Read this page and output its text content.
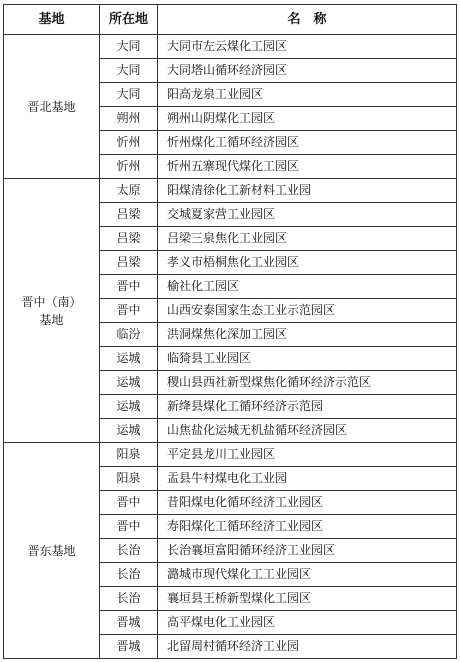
基地	所在地	名　称
晋北基地	大同	大同市左云煤化工园区
	大同	大同塔山循环经济园区
	大同	阳高龙泉工业园区
	朔州	朔州山阴煤化工园区
	忻州	忻州煤化工循环经济园区
	忻州	忻州五寨现代煤化工园区
晋中（南）
基地	太原	阳煤清徐化工新材料工业园
	吕梁	交城夏家营工业园区
	吕梁	吕梁三泉焦化工业园区
	吕梁	孝义市梧桐焦化工业园区
	晋中	榆社化工园区
	晋中	山西安泰国家生态工业示范园区
	临汾	洪洞煤焦化深加工园区
	运城	临猗县工业园区
	运城	稷山县西社新型煤焦化循环经济示范区
	运城	新绛县煤化工循环经济示范园
	运城	山焦盐化运城无机盐循环经济园区
晋东基地	阳泉	平定县龙川工业园区
	阳泉	盂县牛村煤电化工业园
	晋中	昔阳煤电化循环经济工业园区
	晋中	寿阳煤化工循环经济工业园区
	长治	长治襄垣富阳循环经济工业园区
	长治	潞城市现代煤化工工业园区
	长治	襄垣县王桥新型煤化工园区
	晋城	高平煤电化工业园区
	晋城	北留周村循环经济工业园
